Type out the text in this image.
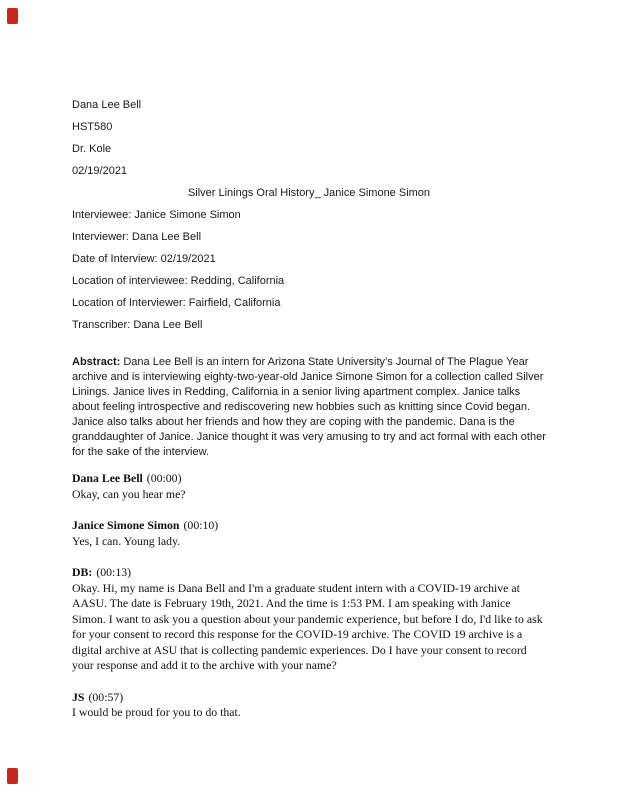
Dana Lee Bell

HST580

Dr. Kole

02/19/2021

Silver Linings Oral History_ Janice Simone Simon

Interviewee: Janice Simone Simon

Interviewer: Dana Lee Bell

Date of Interview: 02/19/2021

Location of interviewee: Redding, California

Location of Interviewer: Fairfield, California

Transcriber: Dana Lee Bell

Abstract: Dana Lee Bell is an intern for Arizona State University’s Journal of The Plague Year archive and is interviewing eighty-two-year-old Janice Simone Simon for a collection called Silver Linings. Janice lives in Redding, California in a senior living apartment complex. Janice talks about feeling introspective and rediscovering new hobbies such as knitting since Covid began. Janice also talks about her friends and how they are coping with the pandemic. Dana is the granddaughter of Janice. Janice thought it was very amusing to try and act formal with each other for the sake of the interview.

Dana Lee Bell (00:00)

Okay, can you hear me?

Janice Simone Simon (00:10)

Yes, I can. Young lady.

DB: (00:13)

Okay. Hi, my name is Dana Bell and I'm a graduate student intern with a COVID-19 archive at AASU. The date is February 19th, 2021. And the time is 1:53 PM. I am speaking with Janice Simon. I want to ask you a question about your pandemic experience, but before I do, I'd like to ask for your consent to record this response for the COVID-19 archive. The COVID 19 archive is a digital archive at ASU that is collecting pandemic experiences. Do I have your consent to record your response and add it to the archive with your name?

JS (00:57)

I would be proud for you to do that.
